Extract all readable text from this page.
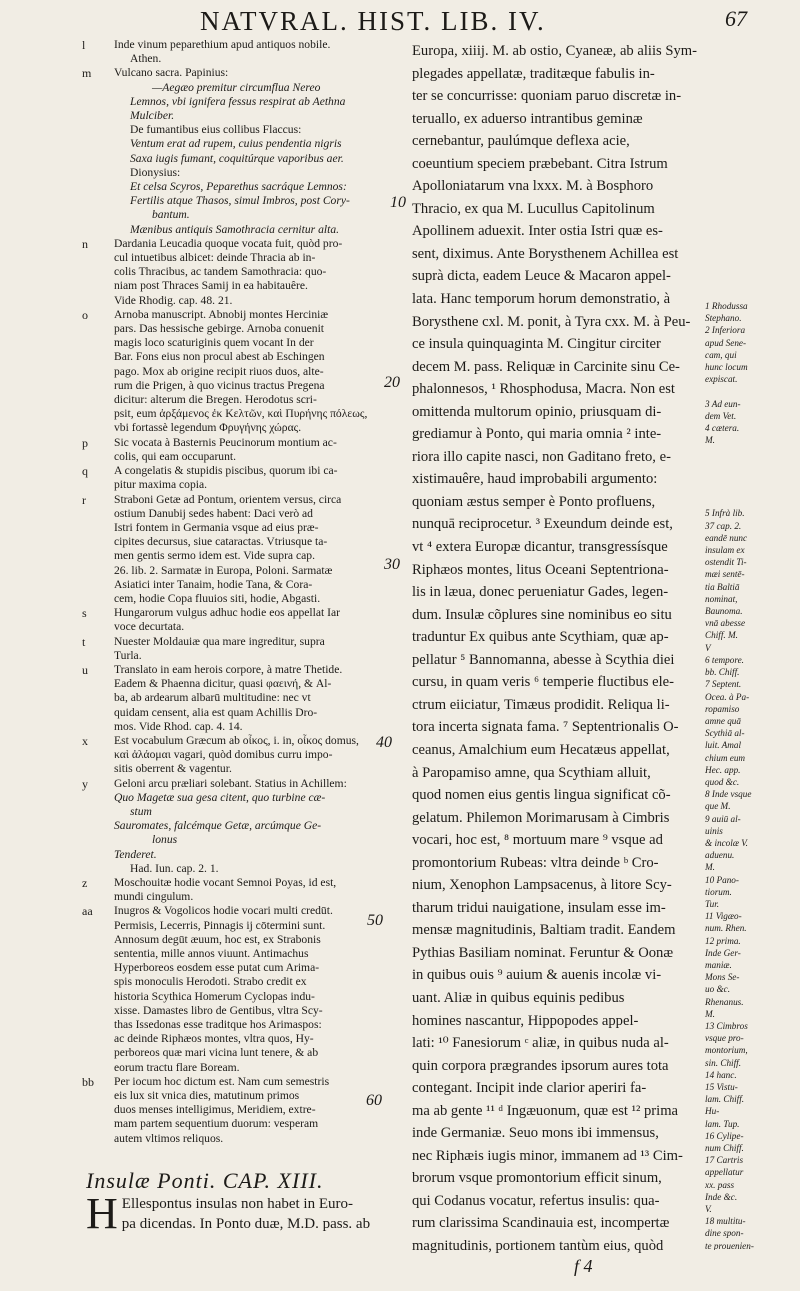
NATVRAL. HIST. LIB. IV.	67
l	Inde vinum peparethium apud antiquos nobile.
Athen.
m	Vulcano sacra. Papinius:
—Aegæo premitur circumflua Nereo
Lemnos, vbi ignifera fessus respirat ab Aethna
Mulciber.
De fumantibus eius collibus Flaccus:
Ventum erat ad rupem, cuius pendentia nigris
Saxa iugis fumant, coquitúrque vaporibus aer.
Dionysius:
Et celsa Scyros, Peparethus sacráque Lemnos:
Fertilis atque Thasos, simul Imbros, post Cory-
bantum.
Mænibus antiquis Samothracia cernitur alta.
n	Dardania Leucadia quoque vocata fuit, quòd pro-
cul intuetibus albicet: deinde Thracia ab in-
colis Thracibus, ac tandem Samothracia: quo-
niam post Thraces Samij in ea habitauêre.
Vide Rhodig. cap. 48. 21.
o	Arnoba manuscript. Abnobij montes Herciniæ
pars. Das hessische gebirge. Arnoba conuenit
magis loco scaturiginis quem vocant In der
Bar. Fons eius non procul abest ab Eschingen
pago. Mox ab origine recipit riuos duos, alte-
rum die Prigen, à quo vicinus tractus Pregena
dicitur: alterum die Bregen. Herodotus scri-
psit, eum ἀρξάμενος ἐκ Κελτῶν, καὶ Πυρήνης πόλεως,
vbi fortassè legendum Φρυγήνης χώρας.
p	Sic vocata à Basternis Peucinorum montium ac-
colis, qui eam occuparunt.
q	A congelatis & stupidis piscibus, quorum ibi ca-
pitur maxima copia.
r	Straboni Getæ ad Pontum, orientem versus, circa
ostium Danubij sedes habent: Daci verò ad
Istri fontem in Germania vsque ad eius præ-
cipites decursus, siue cataractas. Vtriusque ta-
men gentis sermo idem est. Vide supra cap.
26. lib. 2. Sarmatæ in Europa, Poloni. Sarmatæ
Asiatici inter Tanaim, hodie Tana, & Cora-
cem, hodie Copa fluuios siti, hodie, Abgasti.
s	Hungarorum vulgus adhuc hodie eos appellat Iar
voce decurtata.
t	Nuester Moldauiæ qua mare ingreditur, supra
Turla.
u	Translato in eam herois corpore, à matre Thetide.
Eadem & Phaenna dicitur, quasi φαεινή, & Al-
ba, ab ardearum albarū multitudine: nec vt
quidam censent, alia est quam Achillis Dro-
mos. Vide Rhod. cap. 4. 14.
x	Est vocabulum Græcum ab οἶκος, i. in, οἶκος domus,
καὶ ἀλάομαι vagari, quòd domibus curru impo-
sitis oberrent & vagentur.
y	Geloni arcu præliari solebant. Statius in Achillem:
Quo Magetæ sua gesa citent, quo turbine cæ-
stum
Sauromates, falcémque Getæ, arcúmque Ge-
lonus
Tenderet.
Had. Iun. cap. 2. 1.
z	Moschouitæ hodie vocant Semnoi Poyas, id est,
mundi cingulum.
aa	Inugros & Vogolicos hodie vocari multi credūt.
Permisis, Lecerris, Pinnagis ij cōtermini sunt.
Annosum degūt æuum, hoc est, ex Strabonis
sententia, mille annos viuunt. Antimachus
Hyperboreos eosdem esse putat cum Arima-
spis monoculis Herodoti. Strabo credit ex
historia Scythica Homerum Cyclopas indu-
xisse. Damastes libro de Gentibus, vltra Scy-
thas Issedonas esse traditque hos Arimaspos:
ac deinde Riphæos montes, vltra quos, Hy-
perboreos quæ mari vicina lunt tenere, & ab
eorum tractu flare Boream.
bb	Per iocum hoc dictum est. Nam cum semestris
eis lux sit vnica dies, matutinum primos
duos menses intelligimus, Meridiem, extre-
mam partem sequentium duorum: vesperam
autem vltimos reliquos.
Insulæ Ponti. CAP. XIII.
H Ellespontus insulas non habet in Euro-
pa dicendas. In Ponto duæ, M.D. pass. ab
Europa, xiiij. M. ab ostio, Cyaneæ, ab aliis Sym-
plegades appellatæ, traditæque fabulis in-
ter se concurrisse: quoniam paruo discretæ in-
teruallo, ex aduerso intrantibus geminæ
cernebantur, paulúmque deflexa acie,
coeuntium speciem præbebant. Citra Istrum
Apolloniatarum vna lxxx. M. à Bosphoro
Thracio, ex qua M. Lucullus Capitolinum
Apollinem aduexit. Inter ostia Istri quæ es-
sent, diximus. Ante Borysthenem Achillea est
suprà dicta, eadem Leuce & Macaron appel-
lata. Hanc temporum horum demonstratio, à
Borysthene cxl. M. ponit, à Tyra cxx. M. à Peu-
ce insula quinquaginta M. Cingitur circiter
decem M. pass. Reliquæ in Carcinite sinu Ce-
phalonnesos, ¹ Rhosphodusa, Macra. Non est
omittenda multorum opinio, priusquam di-
grediamur à Ponto, qui maria omnia ² inte-
riora illo capite nasci, non Gaditano freto, e-
xistimauêre, haud improbabili argumento:
quoniam æstus semper è Ponto profluens,
nunquā reciprocetur. ³ Exeundum deinde est,
vt ⁴ extera Europæ dicantur, transgressísque
Riphæos montes, litus Oceani Septentriona-
lis in læua, donec perueniatur Gades, legen-
dum. Insulæ cõplures sine nominibus eo situ
traduntur Ex quibus ante Scythiam, quæ ap-
pellatur ⁵ Bannomanna, abesse à Scythia diei
cursu, in quam veris ⁶ temperie fluctibus ele-
ctrum eiiciatur, Timæus prodidit. Reliqua li-
tora incerta signata fama. ⁷ Septentrionalis O-
ceanus, Amalchium eum Hecatæus appellat,
à Paropamiso amne, qua Scythiam alluit,
quod nomen eius gentis lingua significat cõ-
gelatum. Philemon Morimarusam à Cimbris
vocari, hoc est, ⁸ mortuum mare ⁹ vsque ad
promontorium Rubeas: vltra deinde ᵇ Cro-
nium, Xenophon Lampsacenus, à litore Scy-
tharum tridui nauigatione, insulam esse im-
mensæ magnitudinis, Baltiam tradit. Eandem
Pythias Basiliam nominat. Feruntur & Oonæ
in quibus ouis ⁹ auium & auenis incolæ vi-
uant. Aliæ in quibus equinis pedibus
homines nascantur, Hippopodes appel-
lati: ¹⁰ Fanesiorum ᶜ aliæ, in quibus nuda al-
quin corpora prægrandes ipsorum aures tota
contegant. Incipit inde clarior aperiri fa-
ma ab gente ¹¹ ᵈ Ingæuonum, quæ est ¹² prima
inde Germaniæ. Seuo mons ibi immensus,
nec Riphæis iugis minor, immanem ad ¹³ Cim-
brorum vsque promontorium efficit sinum,
qui Codanus vocatur, refertus insulis: qua-
rum clarissima Scandinauia est, incompertæ
magnitudinis, portionem tantùm eius, quòd
10
20
30
40
50
60
1 Rhodussa
Stephano.
2 Inferiora
apud Sene-
cam, qui
hunc locum
expiscat.

3 Ad eun-
dem Vet.
4 cætera.
M.

5 Infrà lib.
37 cap. 2.
eandē nunc
insulam ex
ostendit Ti-
mæi sentē-
tia Baltiā
nominat,
Baunoma.
vnā abesse
Chiff. M.
V
6 tempore.
bb. Chiff.
7 Septent.
Ocea. à Pa-
ropamiso
amne quā
Scythiā al-
luit. Amal
chium eum
Hec. app.
quod &c.
8 Inde vsque
que M.
9 auiū al-
uinis
& incolæ V.
aduenu.
M.
10 Pano-
tiorum.
Tur.
11 Vigæo-
num. Rhen.
12 prima.
Inde Ger-
maniæ.
Mons Se-
uo &c.
Rhenanus.
M.
13 Cimbros
vsque pro-
montorium,
sin. Chiff.
14 hanc.
15 Vistu-
lam. Chiff.
Hu-
lam. Tup.
16 Cylipe-
num Chiff.
17 Cartris
appellatur
xx. pass
Inde &c.
V.
18 multitu-
dine spon-
te prouenien-
f 4
